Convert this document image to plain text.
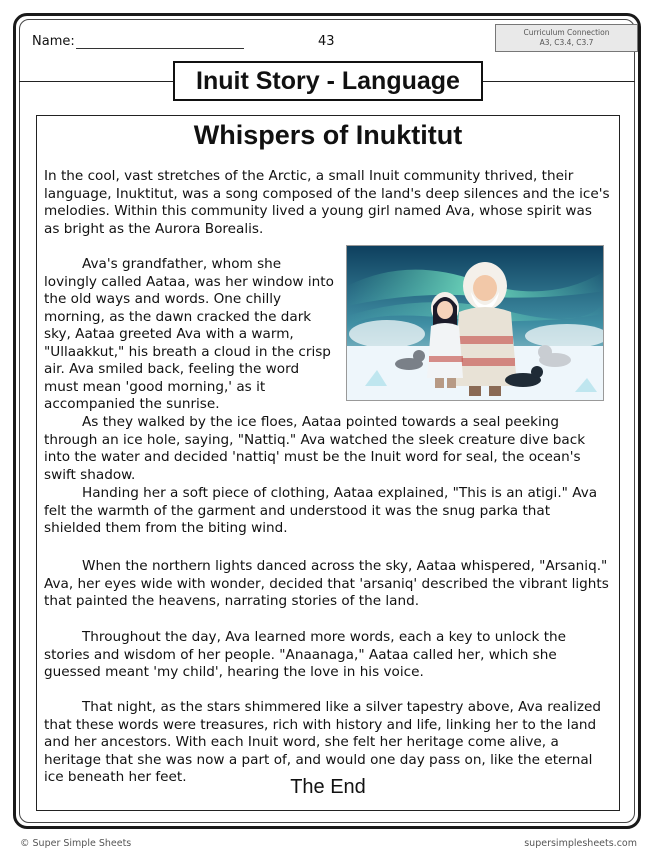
Name:	43
Curriculum Connection
A3, C3.4, C3.7
Inuit Story - Language
Whispers of Inuktitut

In the cool, vast stretches of the Arctic, a small Inuit community thrived, their language, Inuktitut, was a song composed of the land's deep silences and the ice's melodies. Within this community lived a young girl named Ava, whose spirit was as bright as the Aurora Borealis.

Ava's grandfather, whom she lovingly called Aataa, was her window into the old ways and words. One chilly morning, as the dawn cracked the dark sky, Aataa greeted Ava with a warm, "Ullaakkut," his breath a cloud in the crisp air. Ava smiled back, feeling the word must mean 'good morning,' as it accompanied the sunrise.

As they walked by the ice floes, Aataa pointed towards a seal peeking through an ice hole, saying, "Nattiq." Ava watched the sleek creature dive back into the water and decided 'nattiq' must be the Inuit word for seal, the ocean's swift shadow.

Handing her a soft piece of clothing, Aataa explained, "This is an atigi." Ava felt the warmth of the garment and understood it was the snug parka that shielded them from the biting wind.

When the northern lights danced across the sky, Aataa whispered, "Arsaniq." Ava, her eyes wide with wonder, decided that 'arsaniq' described the vibrant lights that painted the heavens, narrating stories of the land.

Throughout the day, Ava learned more words, each a key to unlock the stories and wisdom of her people. "Anaanaga," Aataa called her, which she guessed meant 'my child', hearing the love in his voice.

That night, as the stars shimmered like a silver tapestry above, Ava realized that these words were treasures, rich with history and life, linking her to the land and her ancestors. With each Inuit word, she felt her heritage come alive, a heritage that she was now a part of, and would one day pass on, like the eternal ice beneath her feet.	The End
© Super Simple Sheets	supersimplesheets.com
